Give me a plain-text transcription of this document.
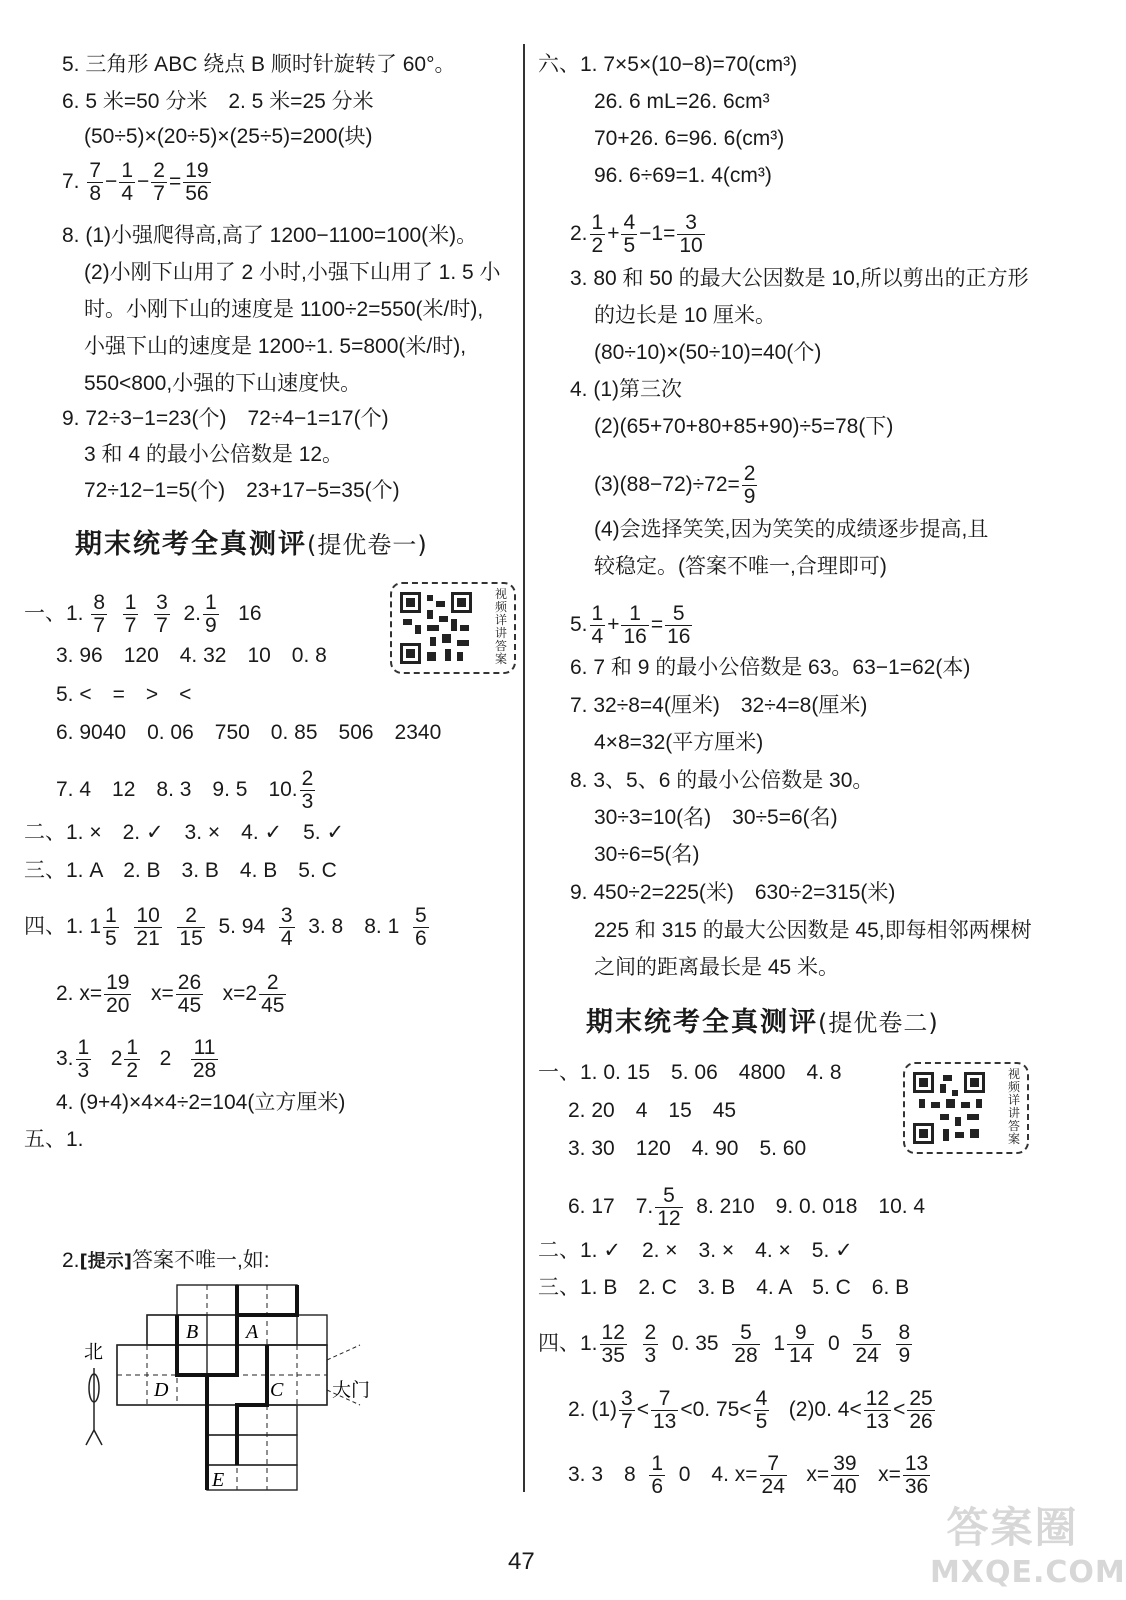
5. 三角形 ABC 绕点 B 顺时针旋转了 60°。
6. 5 米=50 分米　2. 5 米=25 分米
(50÷5)×(20÷5)×(25÷5)=200(块)
7. $\frac{7}{8} - \frac{1}{4} - \frac{2}{7} = \frac{19}{56}$
8. (1)小强爬得高,高了 1200−1100=100(米)。
(2)小刚下山用了 2 小时,小强下山用了 1. 5 小
时。小刚下山的速度是 1100÷2=550(米/时),
小强下山的速度是 1200÷1. 5=800(米/时),
550<800,小强的下山速度快。
9. 72÷3−1=23(个)　72÷4−1=17(个)
3 和 4 的最小公倍数是 12。
72÷12−1=5(个)　23+17−5=35(个)
期末统考全真测评(提优卷一)
视频详讲答案
一、1. $\frac{8}{7}$
$\frac{1}{7}$
$\frac{3}{7} 2$. $\frac{1}{9} 16$
3. 96　120　4. 32　10　0. 8
5. <　=　>　<
6. 9040　0. 06　750　0. 85　506　2340
7. 4　12　8. 3　9. 5　10. $\frac{2}{3}$
二、1. ×　2. ✓　3. ×　4. ✓　5. ✓
三、1. A　2. B　3. B　4. B　5. C
四、1. $1 \frac{1}{5}$
$\frac{10}{21}$
$\frac{2}{15} 5$. $94 \frac{3}{4} 3$. 8　8. $1 \frac{5}{6}$
2. $x= \frac{19}{20} x= \frac{26}{45} x=2 \frac{2}{45}$
3. $\frac{1}{3} 2 \frac{1}{2} 2 \frac{11}{28}$
4. (9+4)×4×4÷2=104(立方厘米)
五、1.
2.[提示]答案不唯一,如:
B A
D	C
E
大门
北
六、1. 7×5×(10−8)=70(cm³)
26. 6 mL=26. 6cm³
70+26. 6=96. 6(cm³)
96. 6÷69=1. 4(cm³)
2. $\frac{1}{2} + \frac{4}{5} -1= \frac{3}{10}$
3. 80 和 50 的最大公因数是 10,所以剪出的正方形
的边长是 10 厘米。
(80÷10)×(50÷10)=40(个)
4. (1)第三次
(2)(65+70+80+85+90)÷5=78(下)
$(3)(88-72)\div 72= \frac{2}{9}$
(4)会选择笑笑,因为笑笑的成绩逐步提高,且
较稳定。(答案不唯一,合理即可)
5. $\frac{1}{4} + \frac{1}{16} = \frac{5}{16}$
6. 7 和 9 的最小公倍数是 63。63−1=62(本)
7. 32÷8=4(厘米)　32÷4=8(厘米)
4×8=32(平方厘米)
8. 3、5、6 的最小公倍数是 30。
30÷3=10(名)　30÷5=6(名)
30÷6=5(名)
9. 450÷2=225(米)　630÷2=315(米)
225 和 315 的最大公因数是 45,即每相邻两棵树
之间的距离最长是 45 米。
期末统考全真测评(提优卷二)
视频详讲答案
一、1. 0. 15　5. 06　4800　4. 8
2. 20　4　15　45
3. 30　120　4. 90　5. 60
6. 17　7. $\frac{5}{12} 8$. 210　9. 0. 018　10. 4
二、1. ✓　2. ×　3. ×　4. ×　5. ✓
三、1. B　2. C　3. B　4. A　5. C　6. B
四、1. $\frac{12}{35}$
$\frac{2}{3} 0$. $35 \frac{5}{28} 1 \frac{9}{14} 0 \frac{5}{24}$
$\frac{8}{9}$
2. $(1) \frac{3}{7} < \frac{7}{13} <0$. $75< \frac{4}{5} (2)0$. $4< \frac{12}{13} < \frac{25}{26}$
3. 3　$8 \frac{1}{6} 0$　4. $x= \frac{7}{24} x= \frac{39}{40} x= \frac{13}{36}$
答案圈
MXQE.COM
47
